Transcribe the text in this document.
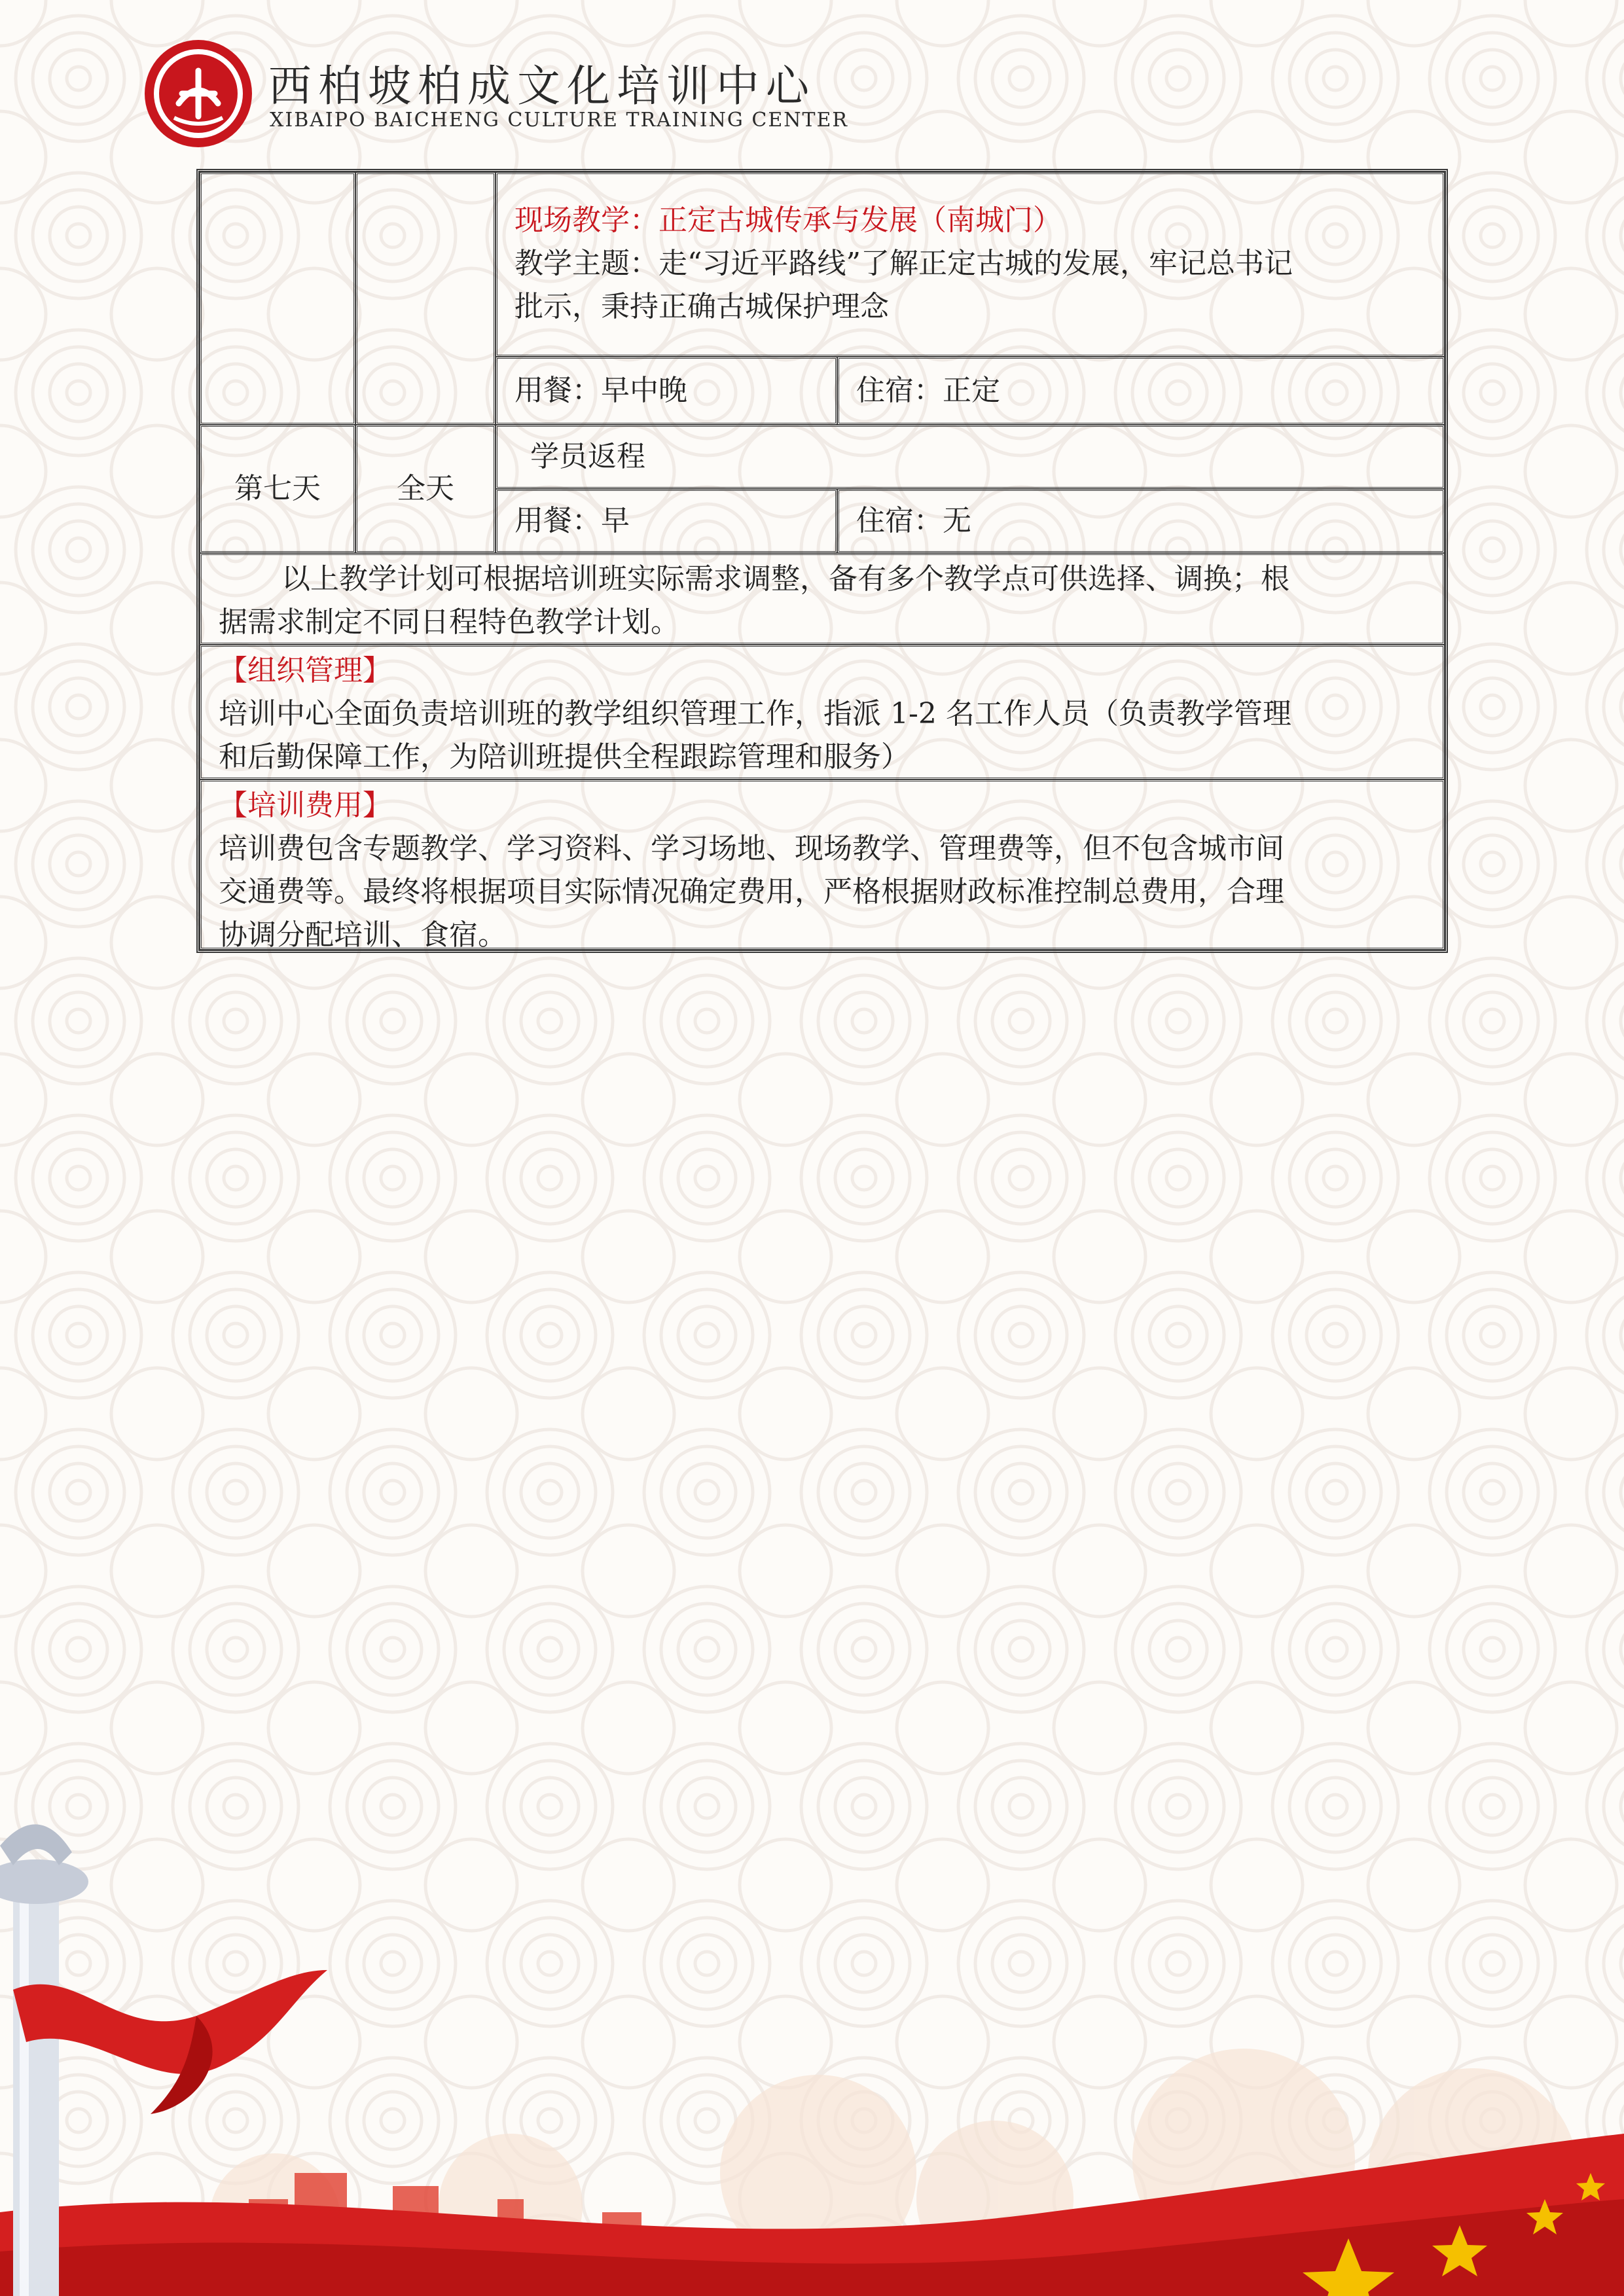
西柏坡柏成文化培训中心
XIBAIPO BAICHENG CULTURE TRAINING CENTER
现场教学：正定古城传承与发展（南城门）
教学主题：走“习近平路线”了解正定古城的发展，牢记总书记
批示，秉持正确古城保护理念
用餐：早中晚	住宿：正定
第七天	全天
学员返程
用餐：早	住宿：无
以上教学计划可根据培训班实际需求调整，备有多个教学点可供选择、调换；根
据需求制定不同日程特色教学计划。
【组织管理】
培训中心全面负责培训班的教学组织管理工作，指派 1-2 名工作人员（负责教学管理
和后勤保障工作，为陪训班提供全程跟踪管理和服务）
【培训费用】
培训费包含专题教学、学习资料、学习场地、现场教学、管理费等，但不包含城市间
交通费等。最终将根据项目实际情况确定费用，严格根据财政标准控制总费用，合理
协调分配培训、食宿。
